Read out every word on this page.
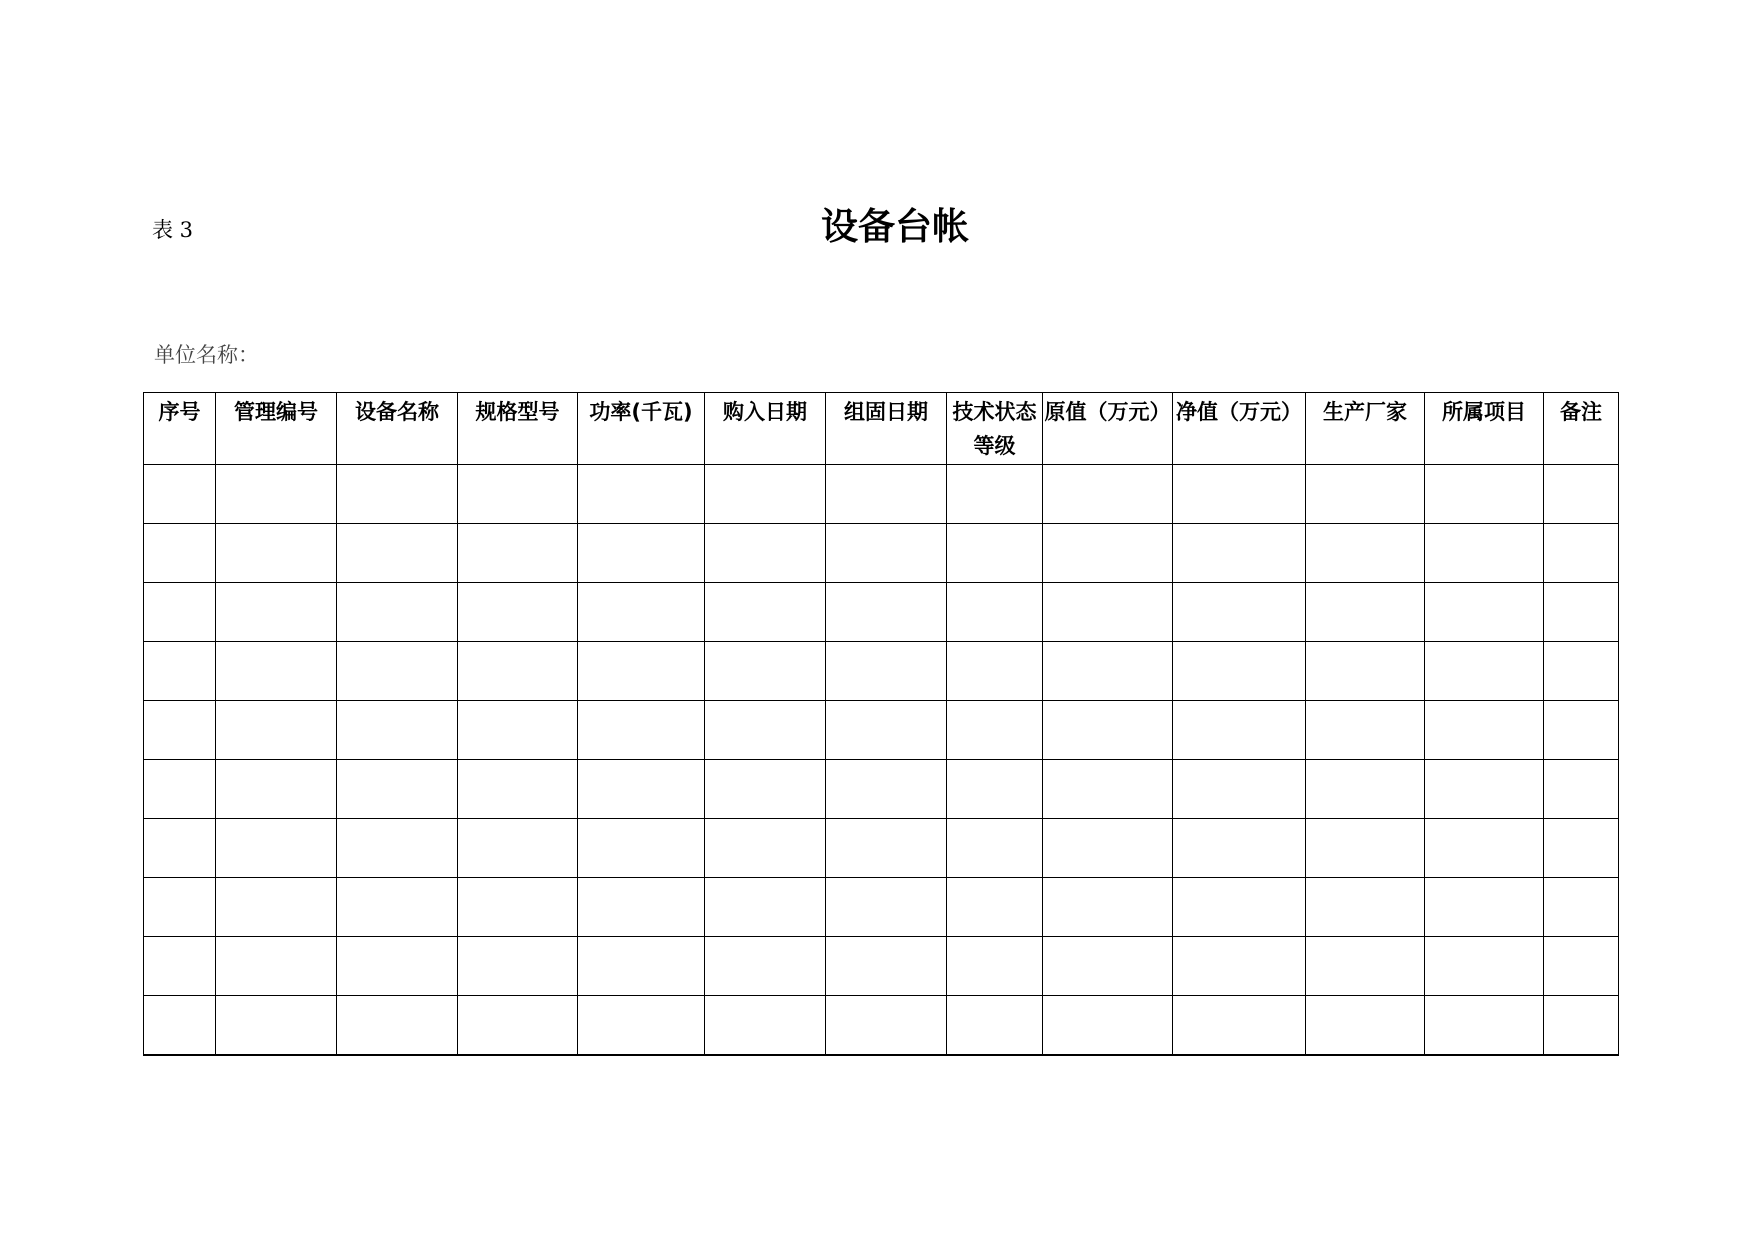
表 3	设备台帐
单位名称：
序号	管理编号	设备名称	规格型号	功率(千瓦)	购入日期	组固日期	技术状态等级	原值（万元）	净值（万元）	生产厂家	所属项目	备注
